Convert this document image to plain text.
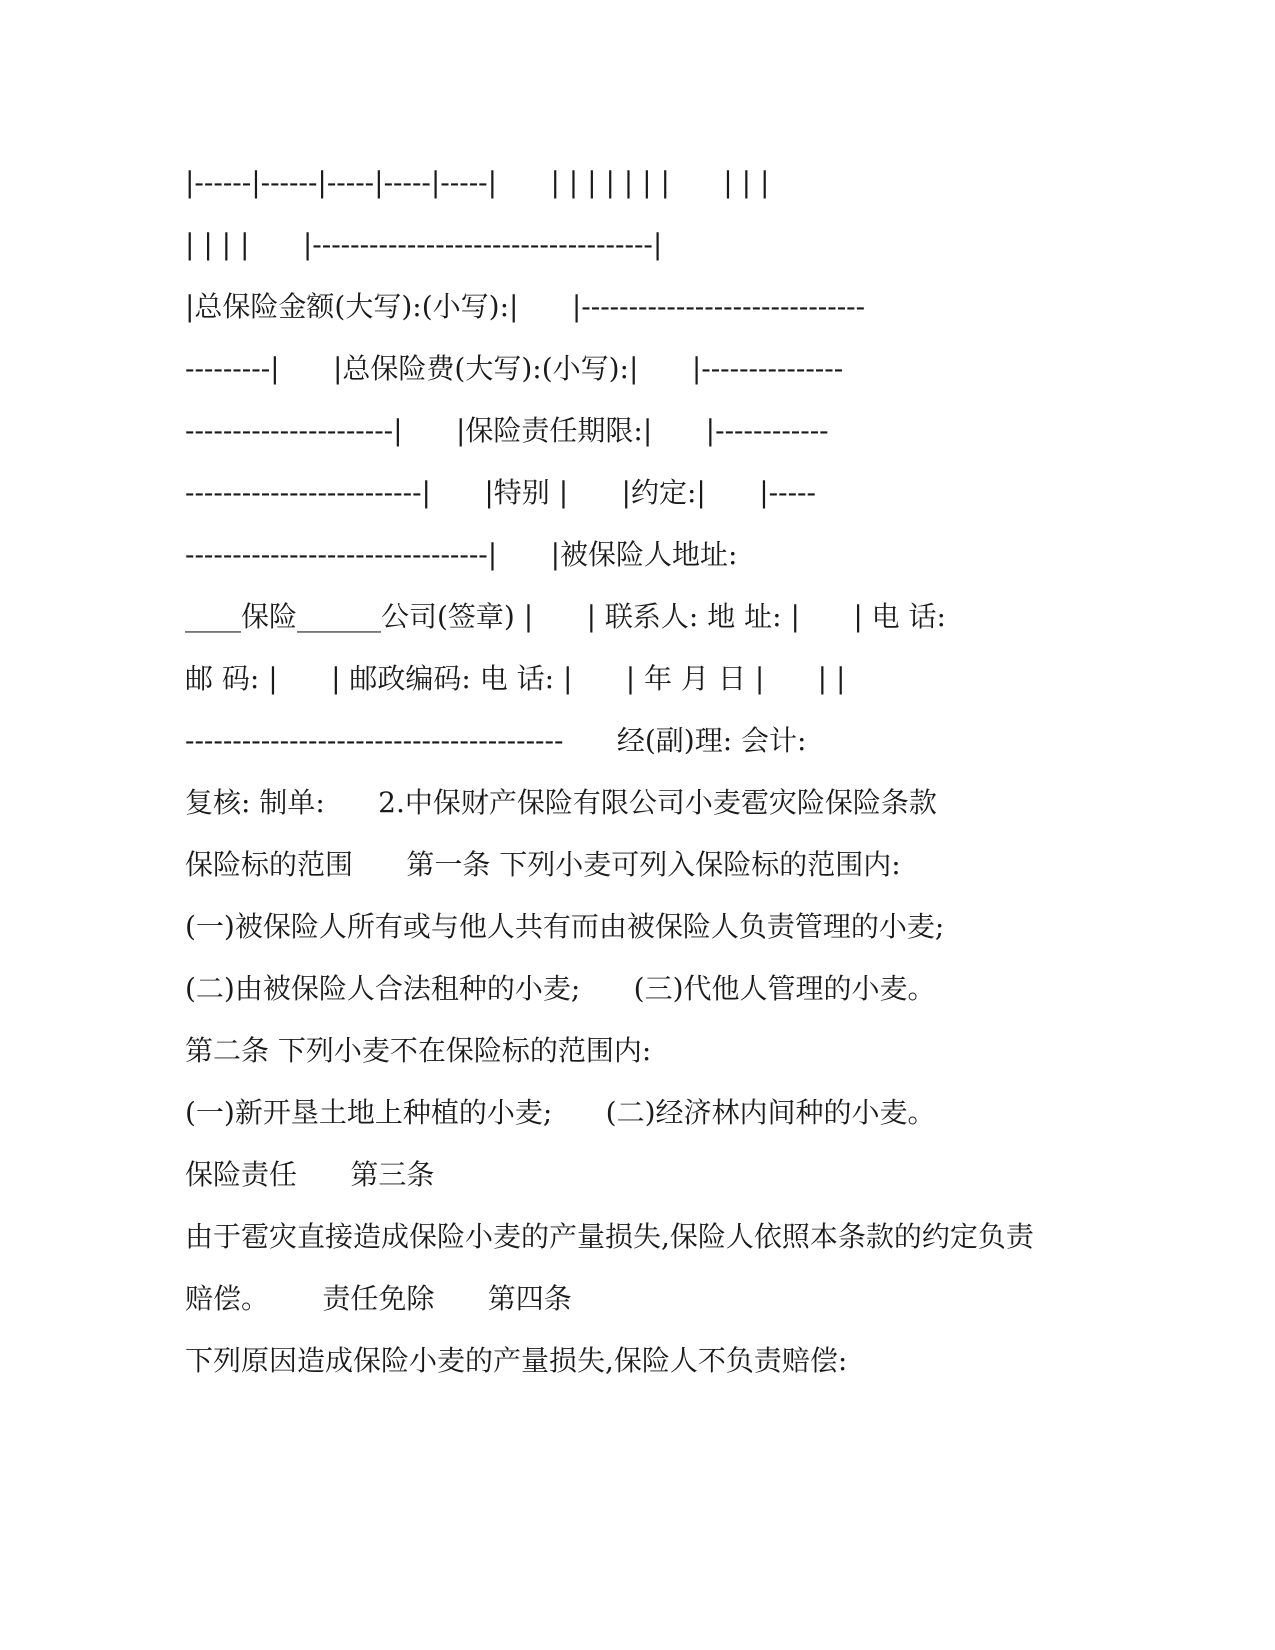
|------|------|-----|-----|-----|      | | | | | | |      | | |
| | | |      |------------------------------------|
|总保险金额(大写):(小写):|      |------------------------------
---------|      |总保险费(大写):(小写):|      |---------------
----------------------|      |保险责任期限:|      |------------
-------------------------|      |特别 |      |约定:|      |-----
--------------------------------|      |被保险人地址:
____保险______公司(签章) |      | 联系人: 地 址: |      | 电 话:
邮 码: |      | 邮政编码: 电 话: |      | 年 月 日 |      | |
----------------------------------------      经(副)理: 会计:
复核: 制单:      2.中保财产保险有限公司小麦雹灾险保险条款
保险标的范围      第一条 下列小麦可列入保险标的范围内:
(一)被保险人所有或与他人共有而由被保险人负责管理的小麦;
(二)由被保险人合法租种的小麦;      (三)代他人管理的小麦。
第二条 下列小麦不在保险标的范围内:
(一)新开垦土地上种植的小麦;      (二)经济林内间种的小麦。
保险责任      第三条
由于雹灾直接造成保险小麦的产量损失,保险人依照本条款的约定负责
赔偿。      责任免除      第四条
下列原因造成保险小麦的产量损失,保险人不负责赔偿:
